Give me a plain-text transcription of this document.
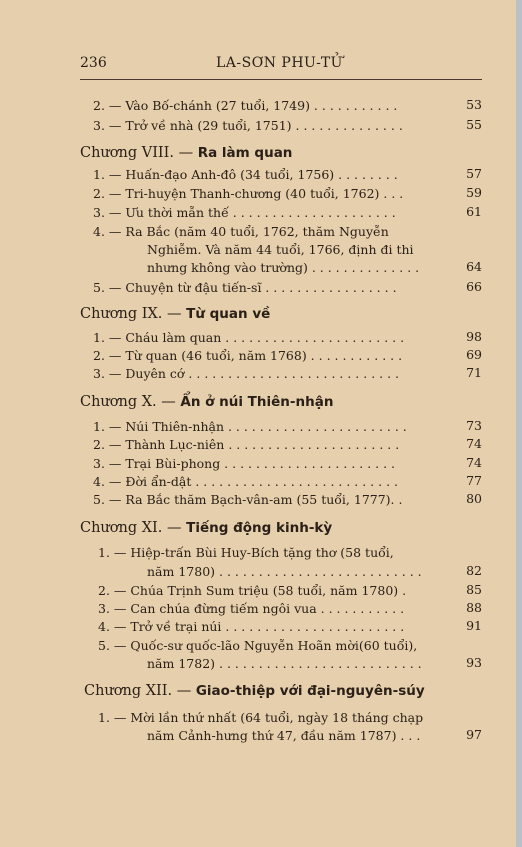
236	LA-SƠN PHU-TỬ
2. — Vào Bố-chánh (27 tuổi, 1749) . . . . . . . . . . .	53
3. — Trở về nhà (29 tuổi, 1751) . . . . . . . . . . . . . .	55
Chương VIII. — Ra làm quan
1. — Huấn-đạo Anh-đô (34 tuổi, 1756) . . . . . . . .	57
2. — Tri-huyện Thanh-chương (40 tuổi, 1762) . . .	59
3. — Ưu thời mẫn thế . . . . . . . . . . . . . . . . . . . . .	61
4. — Ra Bắc (năm 40 tuổi, 1762, thăm Nguyễn
Nghiễm. Và năm 44 tuổi, 1766, định đi thi
nhưng không vào trường) . . . . . . . . . . . . . .	64
5. — Chuyện từ đậu tiến-sĩ . . . . . . . . . . . . . . . . .	66
Chương IX. — Từ quan về
1. — Cháu làm quan . . . . . . . . . . . . . . . . . . . . . . .	98
2. — Từ quan (46 tuổi, năm 1768) . . . . . . . . . . . .	69
3. — Duyên cớ . . . . . . . . . . . . . . . . . . . . . . . . . . .	71
Chương X. — Ẩn ở núi Thiên-nhận
1. — Núi Thiên-nhận . . . . . . . . . . . . . . . . . . . . . . .	73
2. — Thành Lục-niên . . . . . . . . . . . . . . . . . . . . . .	74
3. — Trại Bùi-phong . . . . . . . . . . . . . . . . . . . . . .	74
4. — Đời ẩn-dật . . . . . . . . . . . . . . . . . . . . . . . . . .	77
5. — Ra Bắc thăm Bạch-vân-am (55 tuổi, 1777). .	80
Chương XI. — Tiếng động kinh-kỳ
1. — Hiệp-trấn Bùi Huy-Bích tặng thơ (58 tuổi,
năm 1780) . . . . . . . . . . . . . . . . . . . . . . . . . .	82
2. — Chúa Trịnh Sum triệu (58 tuổi, năm 1780) .	85
3. — Can chúa đừng tiếm ngôi vua . . . . . . . . . . .	88
4. — Trở về trại núi . . . . . . . . . . . . . . . . . . . . . . .	91
5. — Quốc-sư quốc-lão Nguyễn Hoãn mời(60 tuổi),
năm 1782) . . . . . . . . . . . . . . . . . . . . . . . . . .	93
Chương XII. — Giao-thiệp với đại-nguyên-súy
1. — Mời lần thứ nhất (64 tuổi, ngày 18 tháng chạp
năm Cảnh-hưng thứ 47, đầu năm 1787) . . .	97
